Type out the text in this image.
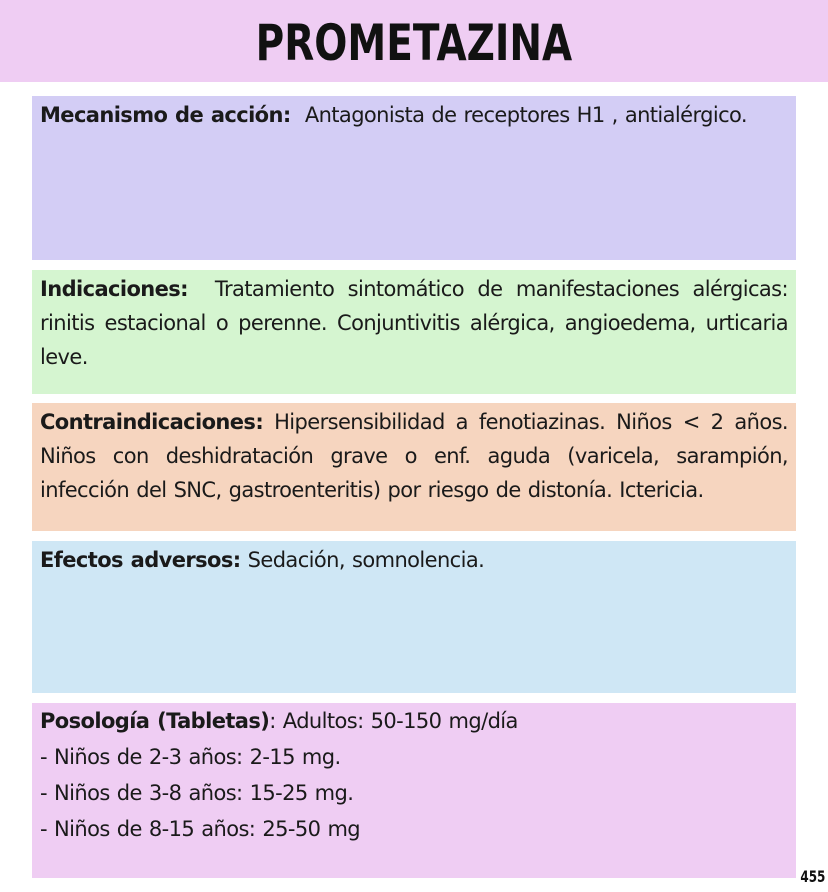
PROMETAZINA
Mecanismo de acción: Antagonista de receptores H1 , antialérgico.
Indicaciones: Tratamiento sintomático de manifestaciones alérgicas: rinitis estacional o perenne. Conjuntivitis alérgica, angioedema, urticaria leve.
Contraindicaciones: Hipersensibilidad a fenotiazinas. Niños < 2 años. Niños con deshidratación grave o enf. aguda (varicela, sarampión, infección del SNC, gastroenteritis) por riesgo de distonía. Ictericia.
Efectos adversos: Sedación, somnolencia.
Posología (Tabletas): Adultos: 50-150 mg/día
- Niños de 2-3 años: 2-15 mg.
- Niños de 3-8 años: 15-25 mg.
- Niños de 8-15 años: 25-50 mg
455
